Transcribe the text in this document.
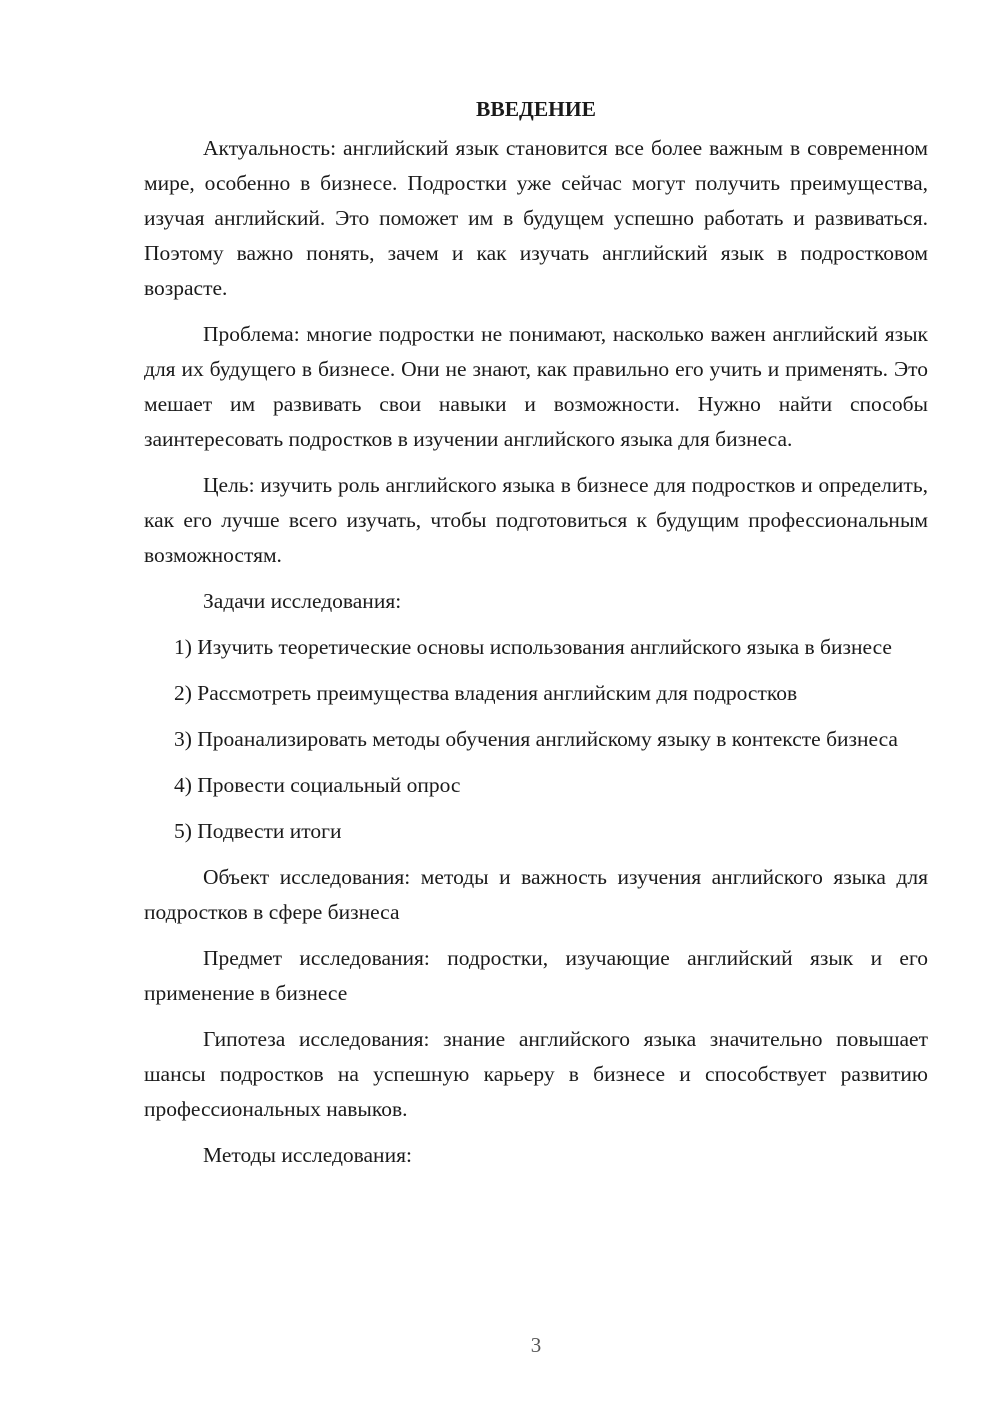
ВВЕДЕНИЕ

Актуальность: английский язык становится все более важным в современном мире, особенно в бизнесе. Подростки уже сейчас могут получить преимущества, изучая английский. Это поможет им в будущем успешно работать и развиваться. Поэтому важно понять, зачем и как изучать английский язык в подростковом возрасте.

Проблема: многие подростки не понимают, насколько важен английский язык для их будущего в бизнесе. Они не знают, как правильно его учить и применять. Это мешает им развивать свои навыки и возможности. Нужно найти способы заинтересовать подростков в изучении английского языка для бизнеса.

Цель: изучить роль английского языка в бизнесе для подростков и определить, как его лучше всего изучать, чтобы подготовиться к будущим профессиональным возможностям.

Задачи исследования:

1) Изучить теоретические основы использования английского языка в бизнесе

2) Рассмотреть преимущества владения английским для подростков

3) Проанализировать методы обучения английскому языку в контексте бизнеса

4) Провести социальный опрос

5) Подвести итоги

Объект исследования: методы и важность изучения английского языка для подростков в сфере бизнеса

Предмет исследования: подростки, изучающие английский язык и его применение в бизнесе

Гипотеза исследования: знание английского языка значительно повышает шансы подростков на успешную карьеру в бизнесе и способствует развитию профессиональных навыков.

Методы исследования:

3
